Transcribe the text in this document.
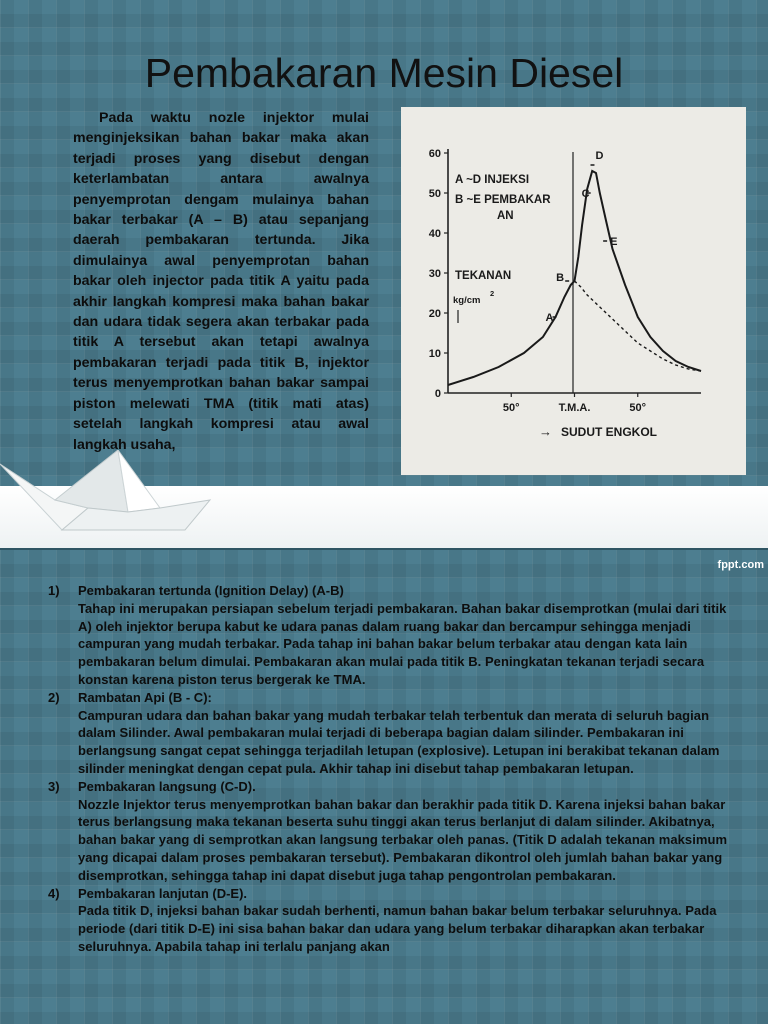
Pembakaran Mesin Diesel
Pada waktu nozle injektor mulai menginjeksikan bahan bakar maka akan terjadi proses yang disebut dengan keterlambatan antara awalnya penyemprotan dengam mulainya bahan bakar terbakar (A – B) atau sepanjang daerah pembakaran tertunda. Jika dimulainya awal penyemprotan bahan bakar oleh injector pada titik A yaitu pada akhir langkah kompresi maka bahan bakar dan udara tidak segera akan terbakar pada titik A tersebut akan tetapi awalnya pembakaran terjadi pada titik B, injektor terus menyemprotkan bahan bakar sampai piston melewati TMA (titik mati atas) setelah langkah kompresi atau awal langkah usaha,
A ~D INJEKSI
B ~E PEMBAKAR
AN
TEKANAN
kg/cm
2
→ SUDUT ENGKOL
0
10
20
30
40
50
60
50°	T.M.A.	50°
A
B
C
D
E
fppt.com
1)	Pembakaran tertunda (Ignition Delay) (A-B)
Tahap ini merupakan persiapan sebelum terjadi pembakaran. Bahan bakar disemprotkan (mulai dari titik A) oleh injektor berupa kabut ke udara panas dalam ruang bakar dan bercampur sehingga menjadi campuran yang mudah terbakar. Pada tahap ini bahan bakar belum terbakar atau dengan kata lain pembakaran belum dimulai. Pembakaran akan mulai pada titik B. Peningkatan tekanan terjadi secara konstan karena piston terus bergerak ke TMA.
2)	Rambatan Api (B - C):
Campuran udara dan bahan bakar yang mudah terbakar telah terbentuk dan merata di seluruh bagian dalam Silinder. Awal pembakaran mulai terjadi di beberapa bagian dalam silinder. Pembakaran ini berlangsung sangat cepat sehingga terjadilah letupan (explosive). Letupan ini berakibat tekanan dalam silinder meningkat dengan cepat pula. Akhir tahap ini disebut tahap pembakaran letupan.
3)	Pembakaran langsung (C-D).
Nozzle Injektor terus menyemprotkan bahan bakar dan berakhir pada titik D. Karena injeksi bahan bakar terus berlangsung maka tekanan beserta suhu tinggi akan terus berlanjut di dalam silinder. Akibatnya, bahan bakar yang di semprotkan akan langsung terbakar oleh panas. (Titik D adalah tekanan maksimum yang dicapai dalam proses pembakaran tersebut). Pembakaran dikontrol oleh jumlah bahan bakar yang disemprotkan, sehingga tahap ini dapat disebut juga tahap pengontrolan pembakaran.
4)	Pembakaran lanjutan (D-E).
Pada titik D, injeksi bahan bakar sudah berhenti, namun bahan bakar belum terbakar seluruhnya. Pada periode (dari titik D-E) ini sisa bahan bakar dan udara yang belum terbakar diharapkan akan terbakar seluruhnya. Apabila tahap ini terlalu panjang akan
